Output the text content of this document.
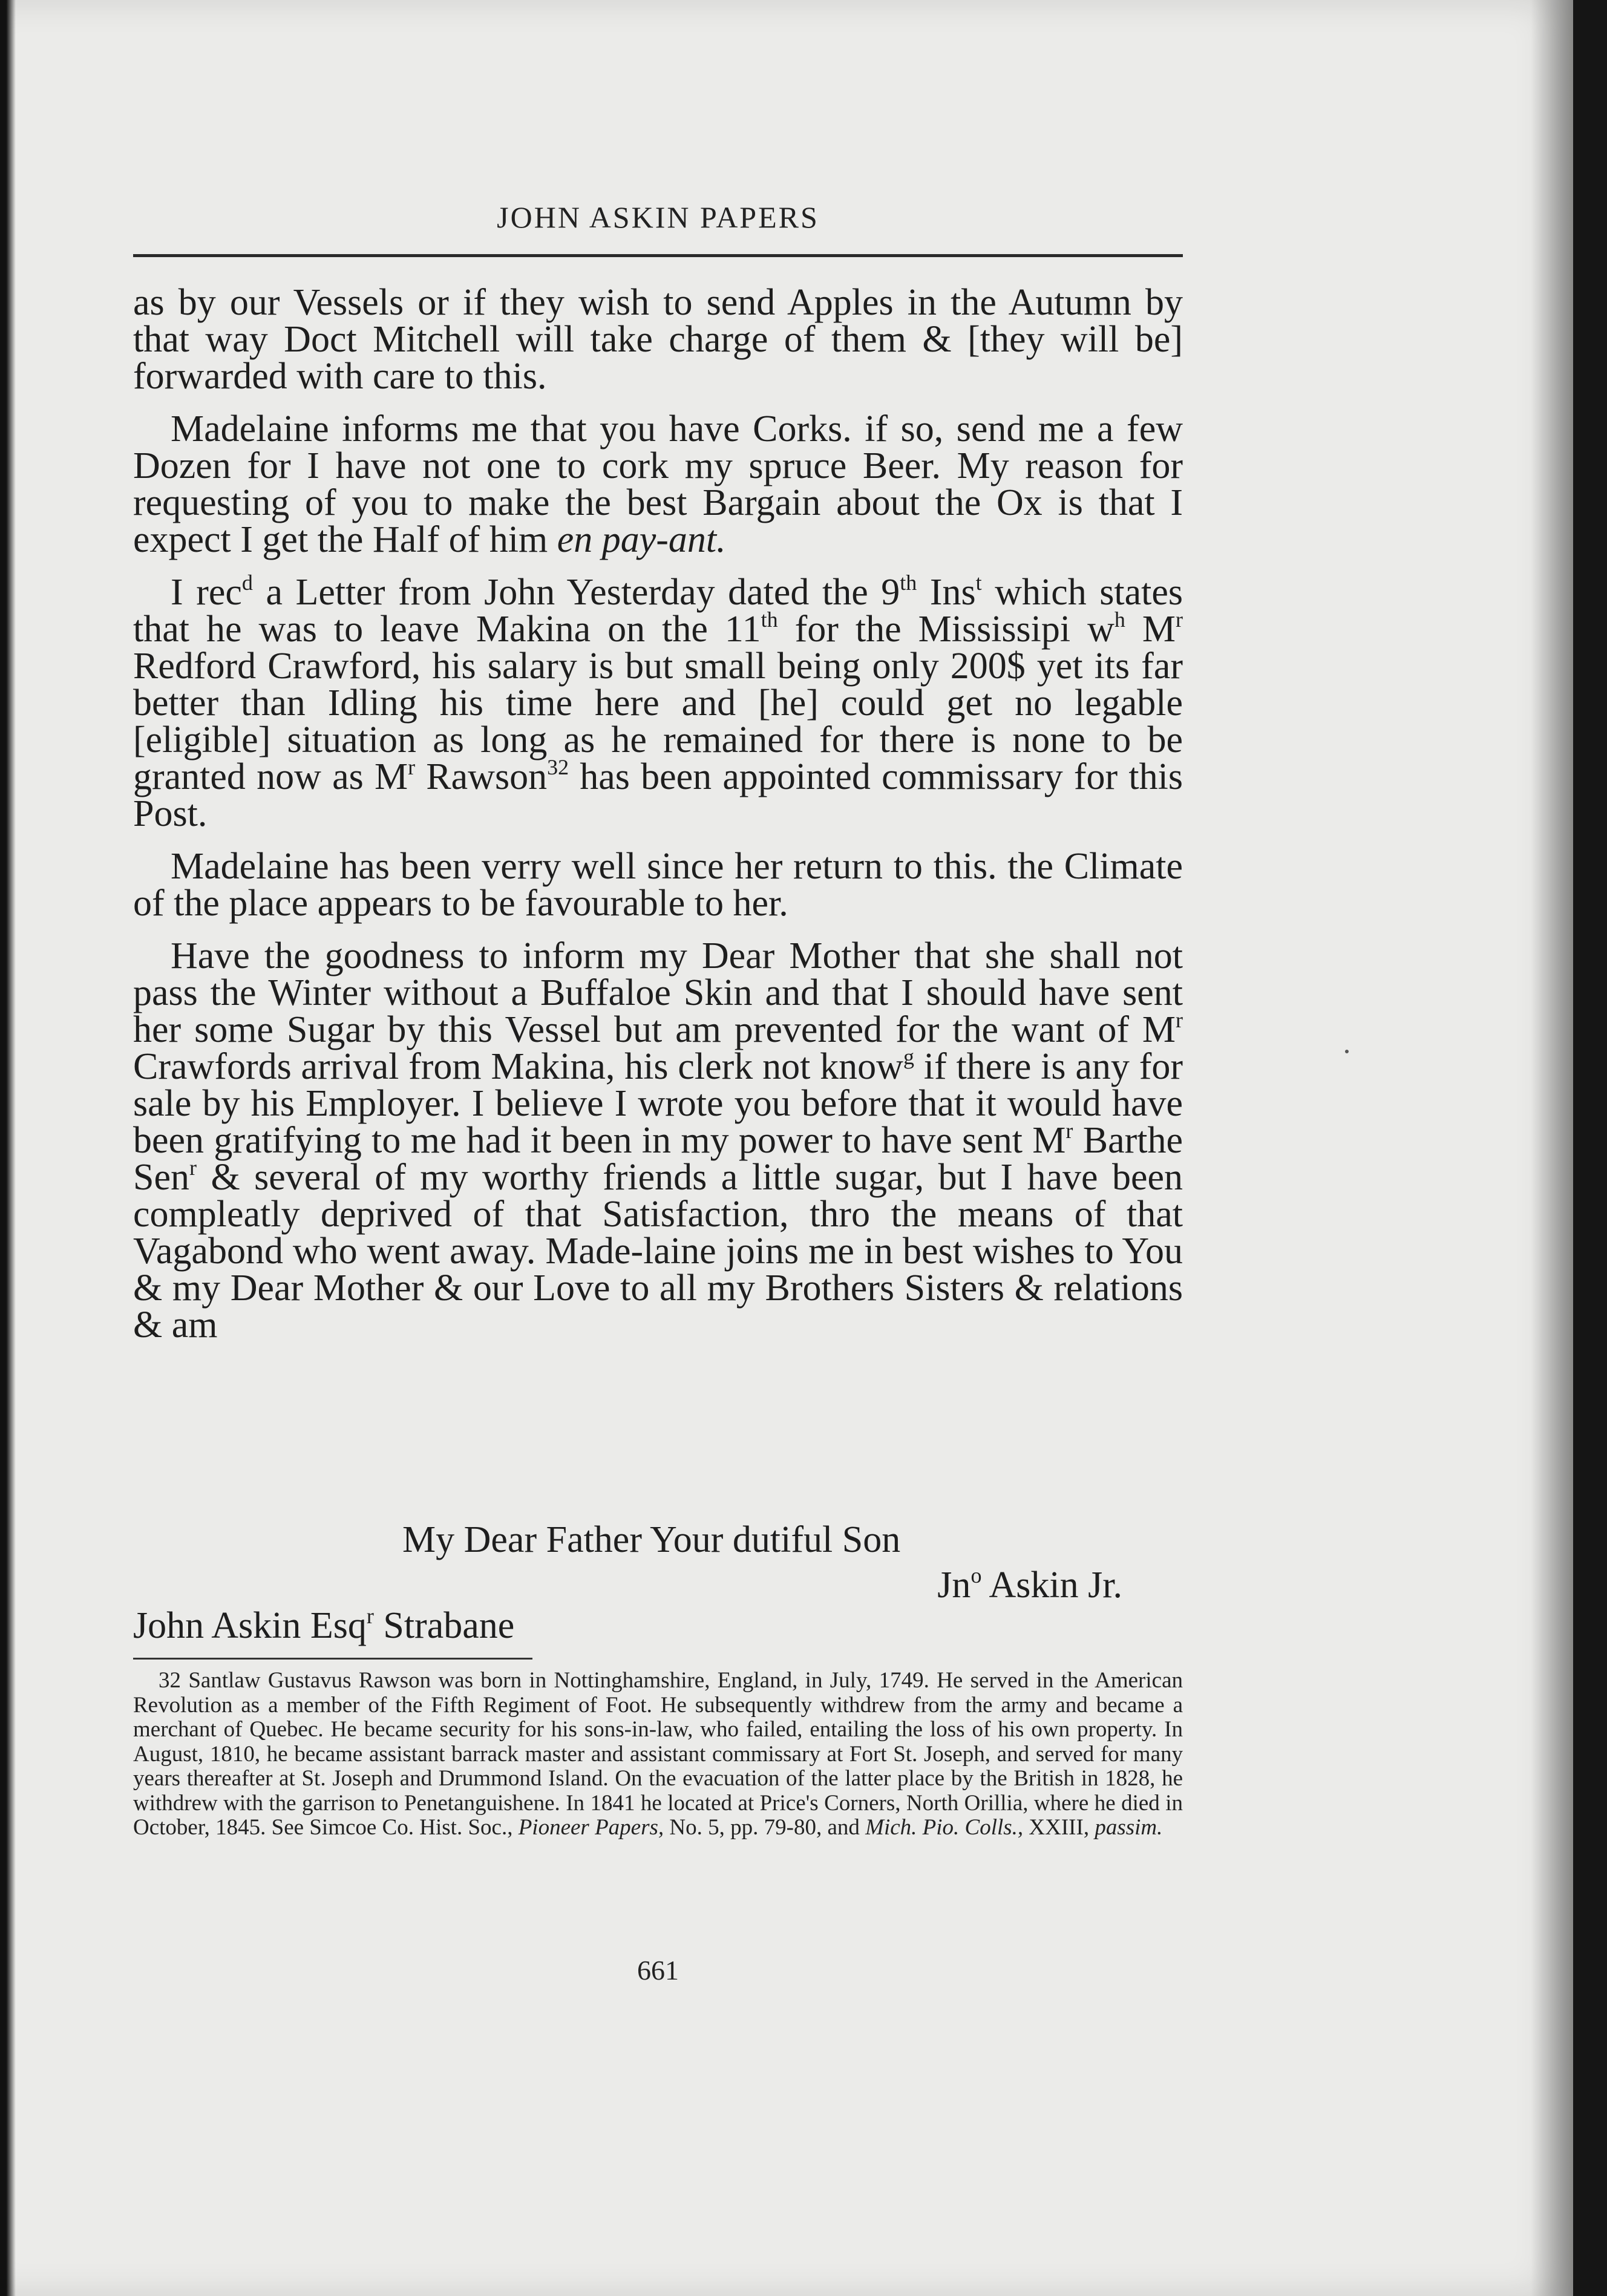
JOHN ASKIN PAPERS

as by our Vessels or if they wish to send Apples in the Autumn by that way Doct Mitchell will take charge of them & [they will be] forwarded with care to this.

Madelaine informs me that you have Corks. if so, send me a few Dozen for I have not one to cork my spruce Beer. My reason for requesting of you to make the best Bargain about the Ox is that I expect I get the Half of him en pay-ant.

I rec$^d$ a Letter from John Yesterday dated the 9th Ins$^t$ which states that he was to leave Makina on the 11th for the Mississipi $w^h$ $M^r$ Redford Crawford, his salary is but small being only 200$ yet its far better than Idling his time here and [he] could get no legable [eligible] situation as long as he remained for there is none to be granted now as $M^r$ Rawson$^{32}$ has been appointed commissary for this Post.

Madelaine has been verry well since her return to this. the Climate of the place appears to be favourable to her.

Have the goodness to inform my Dear Mother that she shall not pass the Winter without a Buffaloe Skin and that I should have sent her some Sugar by this Vessel but am prevented for the want of $M^r$ Crawfords arrival from Makina, his clerk not know$^g$ if there is any for sale by his Employer. I believe I wrote you before that it would have been gratifying to me had it been in my power to have sent $M^r$ Barthe Sen$^r$ & several of my worthy friends a little sugar, but I have been compleatly deprived of that Satisfaction, thro the means of that Vagabond who went away. Made-laine joins me in best wishes to You & my Dear Mother & our Love to all my Brothers Sisters & relations & am

My Dear Father Your dutiful Son
Jn$^o$ Askin Jr.
John Askin Esq$^r$ Strabane
32 Santlaw Gustavus Rawson was born in Nottinghamshire, England, in July, 1749. He served in the American Revolution as a member of the Fifth Regiment of Foot. He subsequently withdrew from the army and became a merchant of Quebec. He became security for his sons-in-law, who failed, entailing the loss of his own property. In August, 1810, he became assistant barrack master and assistant commissary at Fort St. Joseph, and served for many years thereafter at St. Joseph and Drummond Island. On the evacuation of the latter place by the British in 1828, he withdrew with the garrison to Penetanguishene. In 1841 he located at Price's Corners, North Orillia, where he died in October, 1845. See Simcoe Co. Hist. Soc., Pioneer Papers, No. 5, pp. 79-80, and Mich. Pio. Colls., XXIII, passim.
661
